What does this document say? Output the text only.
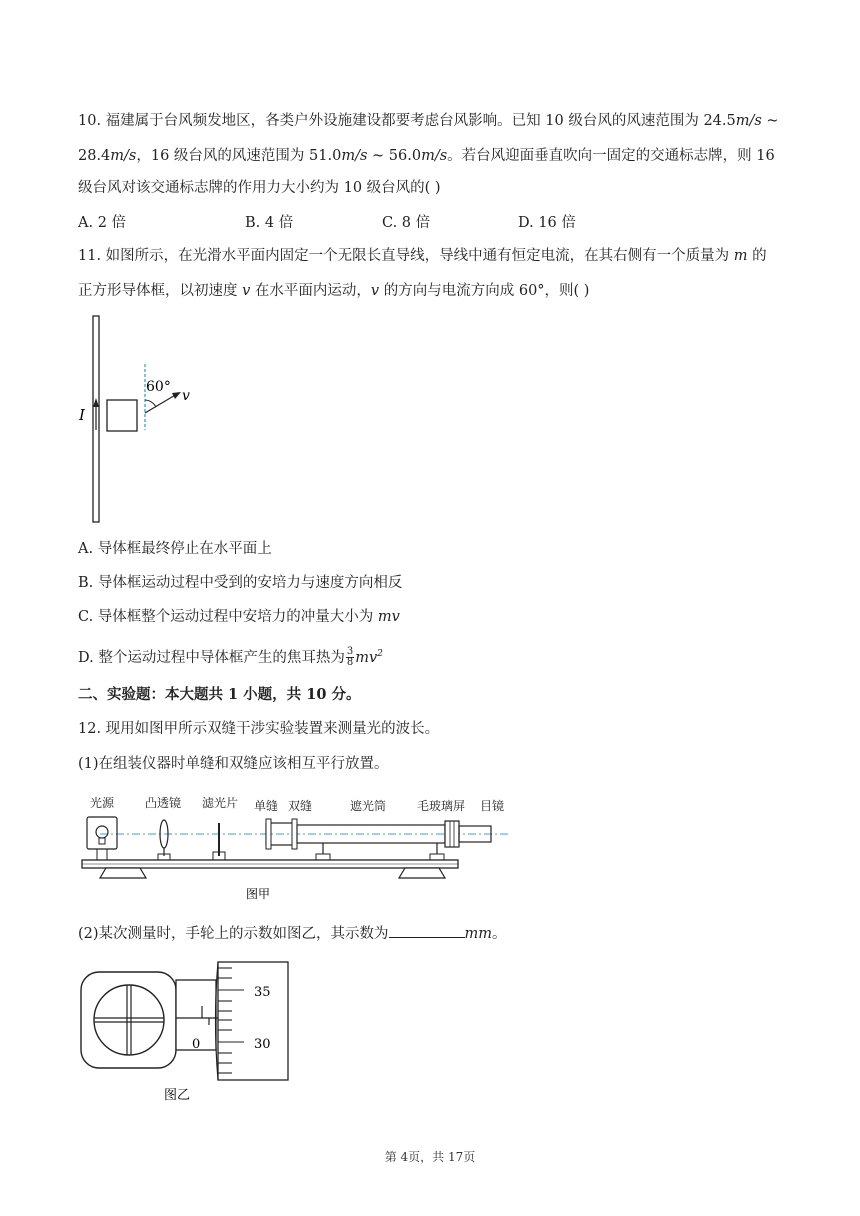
10. 福建属于台风频发地区，各类户外设施建设都要考虑台风影响。已知 10 级台风的风速范围为 24.5m/s ~
28.4m/s，16 级台风的风速范围为 51.0m/s ~ 56.0m/s。若台风迎面垂直吹向一固定的交通标志牌，则 16
级台风对该交通标志牌的作用力大小约为 10 级台风的( )
A. 2 倍	B. 4 倍	C. 8 倍	D. 16 倍
11. 如图所示，在光滑水平面内固定一个无限长直导线，导线中通有恒定电流，在其右侧有一个质量为 m 的
正方形导体框，以初速度 v 在水平面内运动，v 的方向与电流方向成 60°，则( )
I
60°
v
A. 导体框最终停止在水平面上
B. 导体框运动过程中受到的安培力与速度方向相反
C. 导体框整个运动过程中安培力的冲量大小为 mv
D. 整个运动过程中导体框产生的焦耳热为 $\frac{3}{8} mv^2$
二、实验题：本大题共 1 小题，共 10 分。
12. 现用如图甲所示双缝干涉实验装置来测量光的波长。
(1)在组装仪器时单缝和双缝应该相互平行放置。
光源	凸透镜 滤光片 单缝 双缝	遮光筒	毛玻璃屏 目镜
图甲
(2)某次测量时，手轮上的示数如图乙，其示数为	mm。
0
35
30
图乙
第 4页，共 17页
